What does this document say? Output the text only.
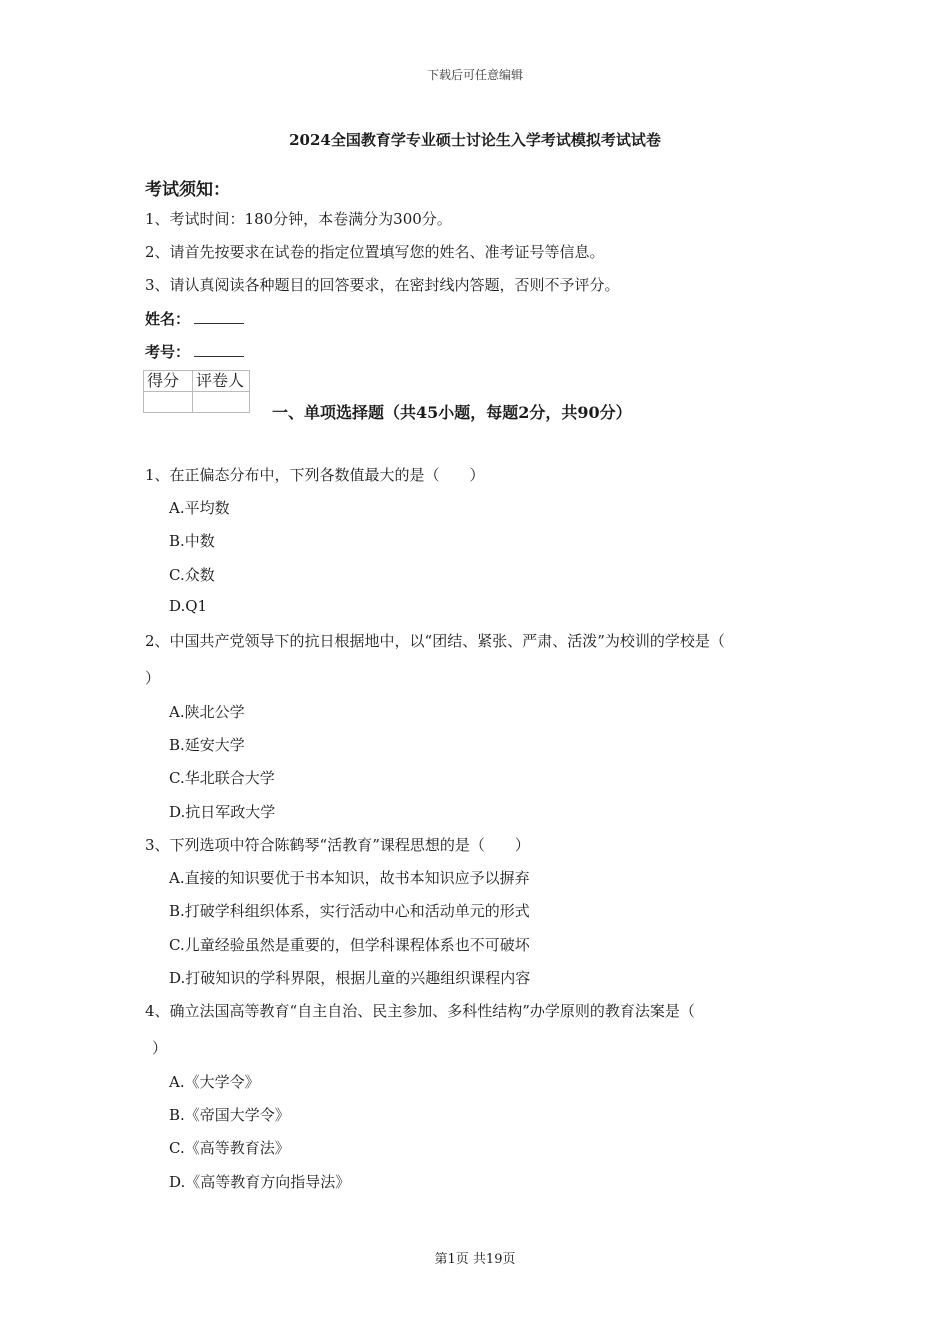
下载后可任意编辑
2024全国教育学专业硕士讨论生入学考试模拟考试试卷
考试须知：
1、考试时间：180分钟，本卷满分为300分。
2、请首先按要求在试卷的指定位置填写您的姓名、准考证号等信息。
3、请认真阅读各种题目的回答要求，在密封线内答题，否则不予评分。
姓名：
考号：
得分	评卷人

一、单项选择题（共45小题，每题2分，共90分）
1、在正偏态分布中，下列各数值最大的是（　　）
A.平均数
B.中数
C.众数
D.Q1
2、中国共产党领导下的抗日根据地中，以“团结、紧张、严肃、活泼”为校训的学校是（
）
A.陕北公学
B.延安大学
C.华北联合大学
D.抗日军政大学
3、下列选项中符合陈鹤琴“活教育”课程思想的是（　　）
A.直接的知识要优于书本知识，故书本知识应予以摒弃
B.打破学科组织体系，实行活动中心和活动单元的形式
C.儿童经验虽然是重要的，但学科课程体系也不可破坏
D.打破知识的学科界限，根据儿童的兴趣组织课程内容
4、确立法国高等教育“自主自治、民主参加、多科性结构”办学原则的教育法案是（
）
A.《大学令》
B.《帝国大学令》
C.《高等教育法》
D.《高等教育方向指导法》
第1页 共19页
